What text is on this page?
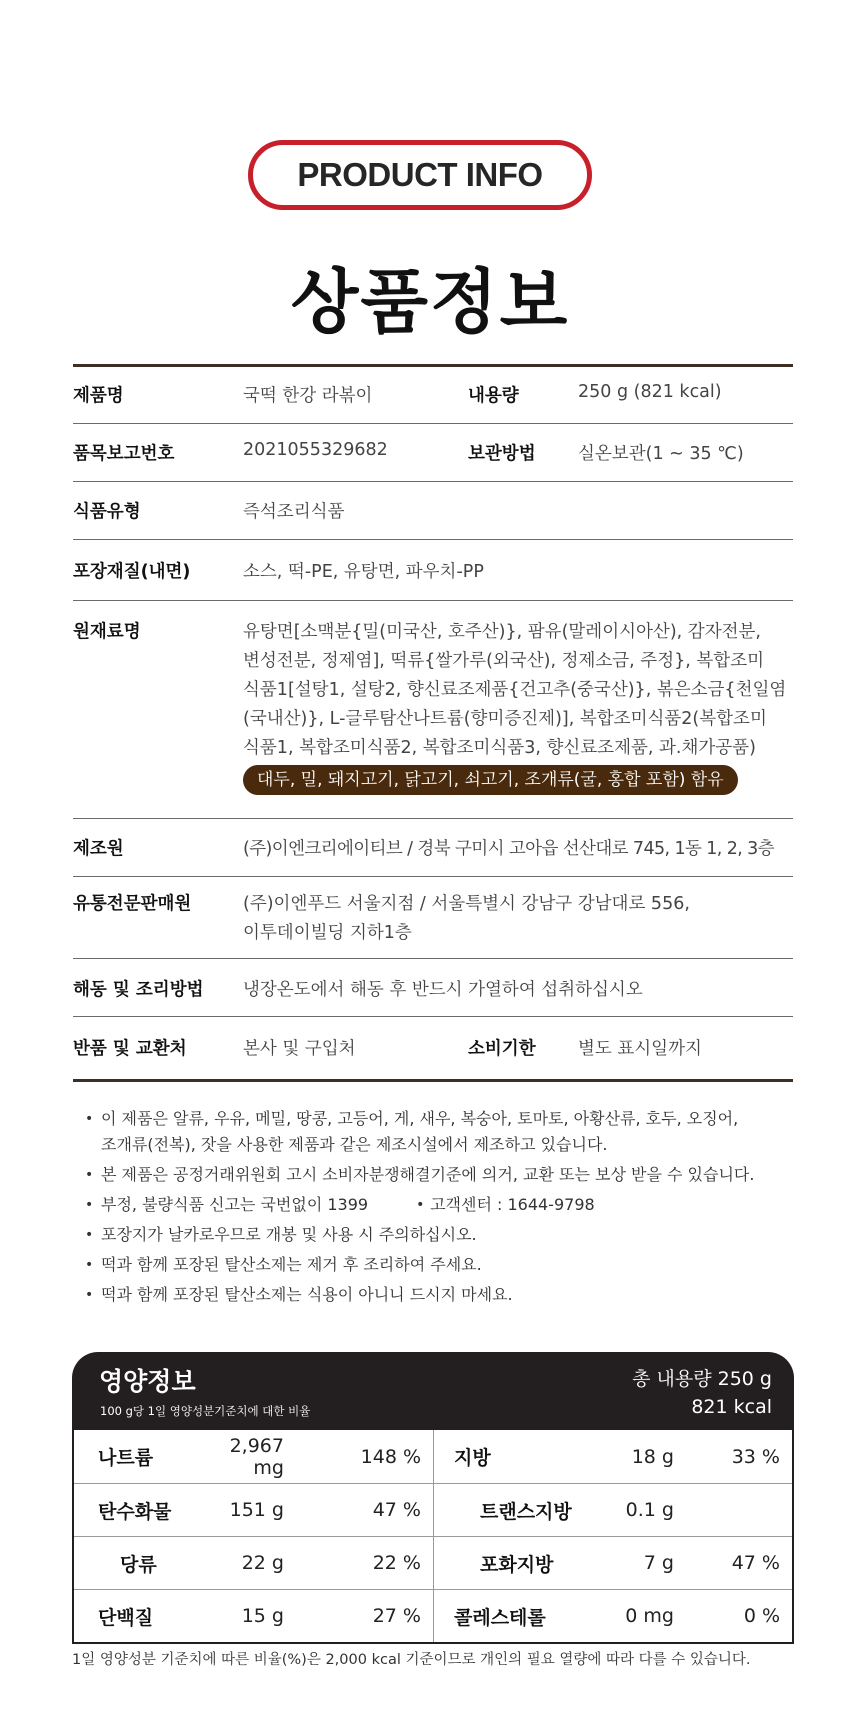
PRODUCT INFO
상품정보
제품명	국떡 한강 라볶이	내용량	250 g (821 kcal)
품목보고번호	2021055329682	보관방법	실온보관(1 ~ 35 ℃)
식품유형	즉석조리식품
포장재질(내면)	소스, 떡-PE, 유탕면, 파우치-PP
원재료명	유탕면[소맥분{밀(미국산, 호주산)}, 팜유(말레이시아산), 감자전분,
변성전분, 정제염], 떡류{쌀가루(외국산), 정제소금, 주정}, 복합조미
식품1[설탕1, 설탕2, 향신료조제품{건고추(중국산)}, 볶은소금{천일염
(국내산)}, L-글루탐산나트륨(향미증진제)], 복합조미식품2(복합조미
식품1, 복합조미식품2, 복합조미식품3, 향신료조제품, 과.채가공품)
대두, 밀, 돼지고기, 닭고기, 쇠고기, 조개류(굴, 홍합 포함) 함유
제조원	(주)이엔크리에이티브 / 경북 구미시 고아읍 선산대로 745, 1동 1, 2, 3층
유통전문판매원	(주)이엔푸드 서울지점 / 서울특별시 강남구 강남대로 556,
이투데이빌딩 지하1층
해동 및 조리방법	냉장온도에서 해동 후 반드시 가열하여 섭취하십시오
반품 및 교환처	본사 및 구입처	소비기한	별도 표시일까지
• 이 제품은 알류, 우유, 메밀, 땅콩, 고등어, 게, 새우, 복숭아, 토마토, 아황산류, 호두, 오징어,
조개류(전복), 잣을 사용한 제품과 같은 제조시설에서 제조하고 있습니다.
• 본 제품은 공정거래위원회 고시 소비자분쟁해결기준에 의거, 교환 또는 보상 받을 수 있습니다.
• 부정, 불량식품 신고는 국번없이 1399
•	고객센터 : 1644-9798
• 포장지가 날카로우므로 개봉 및 사용 시 주의하십시오.
• 떡과 함께 포장된 탈산소제는 제거 후 조리하여 주세요.
• 떡과 함께 포장된 탈산소제는 식용이 아니니 드시지 마세요.
영양정보
100 g당 1일 영양성분기준치에 대한 비율
총 내용량 250 g
821 kcal
나트륨
2,967 mg	148 %	지방	18 g	33 %
탄수화물	151 g	47 %	트랜스지방	0.1 g
당류	22 g	22 %	포화지방	7 g	47 %
단백질	15 g	27 %	콜레스테롤	0 mg	0 %
1일 영양성분 기준치에 따른 비율(%)은 2,000 kcal 기준이므로 개인의 필요 열량에 따라 다를 수 있습니다.
